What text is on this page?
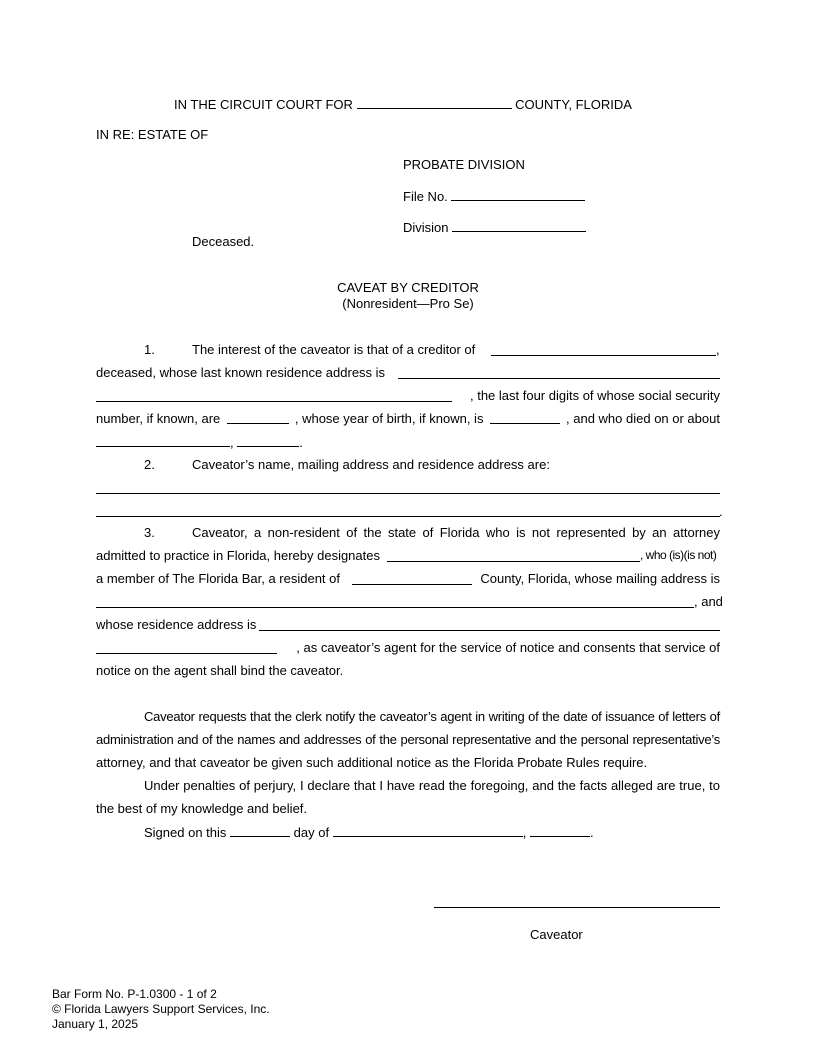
IN THE CIRCUIT COURT FOR	COUNTY, FLORIDA
IN RE: ESTATE OF
PROBATE DIVISION
File No.
Division
Deceased.
CAVEAT BY CREDITOR
(Nonresident—Pro Se)
1.	The interest of the caveator is that of a creditor of	,
deceased, whose last known residence address is
, the last four digits of whose social security
number, if known, are	, whose year of birth, if known, is	, and who died on or about
,	.
2.	Caveator’s name, mailing address and residence address are:
.
3.	Caveator, a non-resident of the state of Florida who is not represented by an attorney
admitted to practice in Florida, hereby designates	, who (is)(is not)
a member of The Florida Bar, a resident of	County, Florida, whose mailing address is
, and
whose residence address is
, as caveator’s agent for the service of notice and consents that service of
notice on the agent shall bind the caveator.
Caveator requests that the clerk notify the caveator’s agent in writing of the date of issuance of letters of
administration and of the names and addresses of the personal representative and the personal representative’s
attorney, and that caveator be given such additional notice as the Florida Probate Rules require.
Under penalties of perjury, I declare that I have read the foregoing, and the facts alleged are true, to
the best of my knowledge and belief.
Signed on this	day of	,	.
Caveator
Bar Form No. P-1.0300 - 1 of 2
© Florida Lawyers Support Services, Inc.
January 1, 2025
